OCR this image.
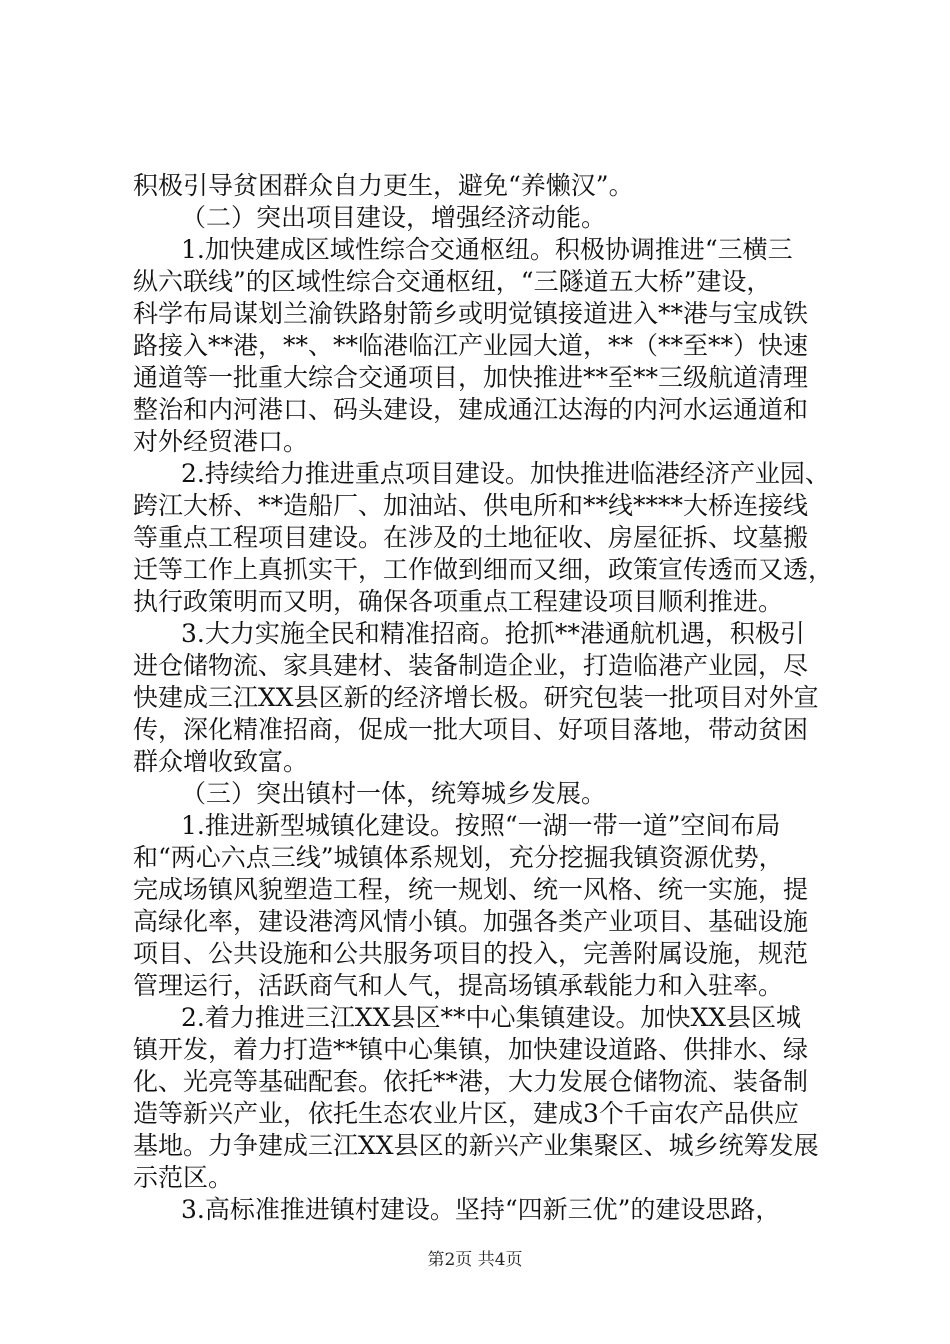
积极引导贫困群众自力更生，避免“养懒汉”。
（二）突出项目建设，增强经济动能。
1.加快建成区域性综合交通枢纽。积极协调推进“三横三
纵六联线”的区域性综合交通枢纽，“三隧道五大桥”建设，
科学布局谋划兰渝铁路射箭乡或明觉镇接道进入**港与宝成铁
路接入**港，**、**临港临江产业园大道，**（**至**）快速
通道等一批重大综合交通项目，加快推进**至**三级航道清理
整治和内河港口、码头建设，建成通江达海的内河水运通道和
对外经贸港口。
2.持续给力推进重点项目建设。加快推进临港经济产业园、
跨江大桥、**造船厂、加油站、供电所和**线****大桥连接线
等重点工程项目建设。在涉及的土地征收、房屋征拆、坟墓搬
迁等工作上真抓实干，工作做到细而又细，政策宣传透而又透，
执行政策明而又明，确保各项重点工程建设项目顺利推进。
3.大力实施全民和精准招商。抢抓**港通航机遇，积极引
进仓储物流、家具建材、装备制造企业，打造临港产业园，尽
快建成三江XX县区新的经济增长极。研究包装一批项目对外宣
传，深化精准招商，促成一批大项目、好项目落地，带动贫困
群众增收致富。
（三）突出镇村一体，统筹城乡发展。
1.推进新型城镇化建设。按照“一湖一带一道”空间布局
和“两心六点三线”城镇体系规划，充分挖掘我镇资源优势，
完成场镇风貌塑造工程，统一规划、统一风格、统一实施，提
高绿化率，建设港湾风情小镇。加强各类产业项目、基础设施
项目、公共设施和公共服务项目的投入，完善附属设施，规范
管理运行，活跃商气和人气，提高场镇承载能力和入驻率。
2.着力推进三江XX县区**中心集镇建设。加快XX县区城
镇开发，着力打造**镇中心集镇，加快建设道路、供排水、绿
化、光亮等基础配套。依托**港，大力发展仓储物流、装备制
造等新兴产业，依托生态农业片区，建成3个千亩农产品供应
基地。力争建成三江XX县区的新兴产业集聚区、城乡统筹发展
示范区。
3.高标准推进镇村建设。坚持“四新三优”的建设思路，
第2页 共4页
